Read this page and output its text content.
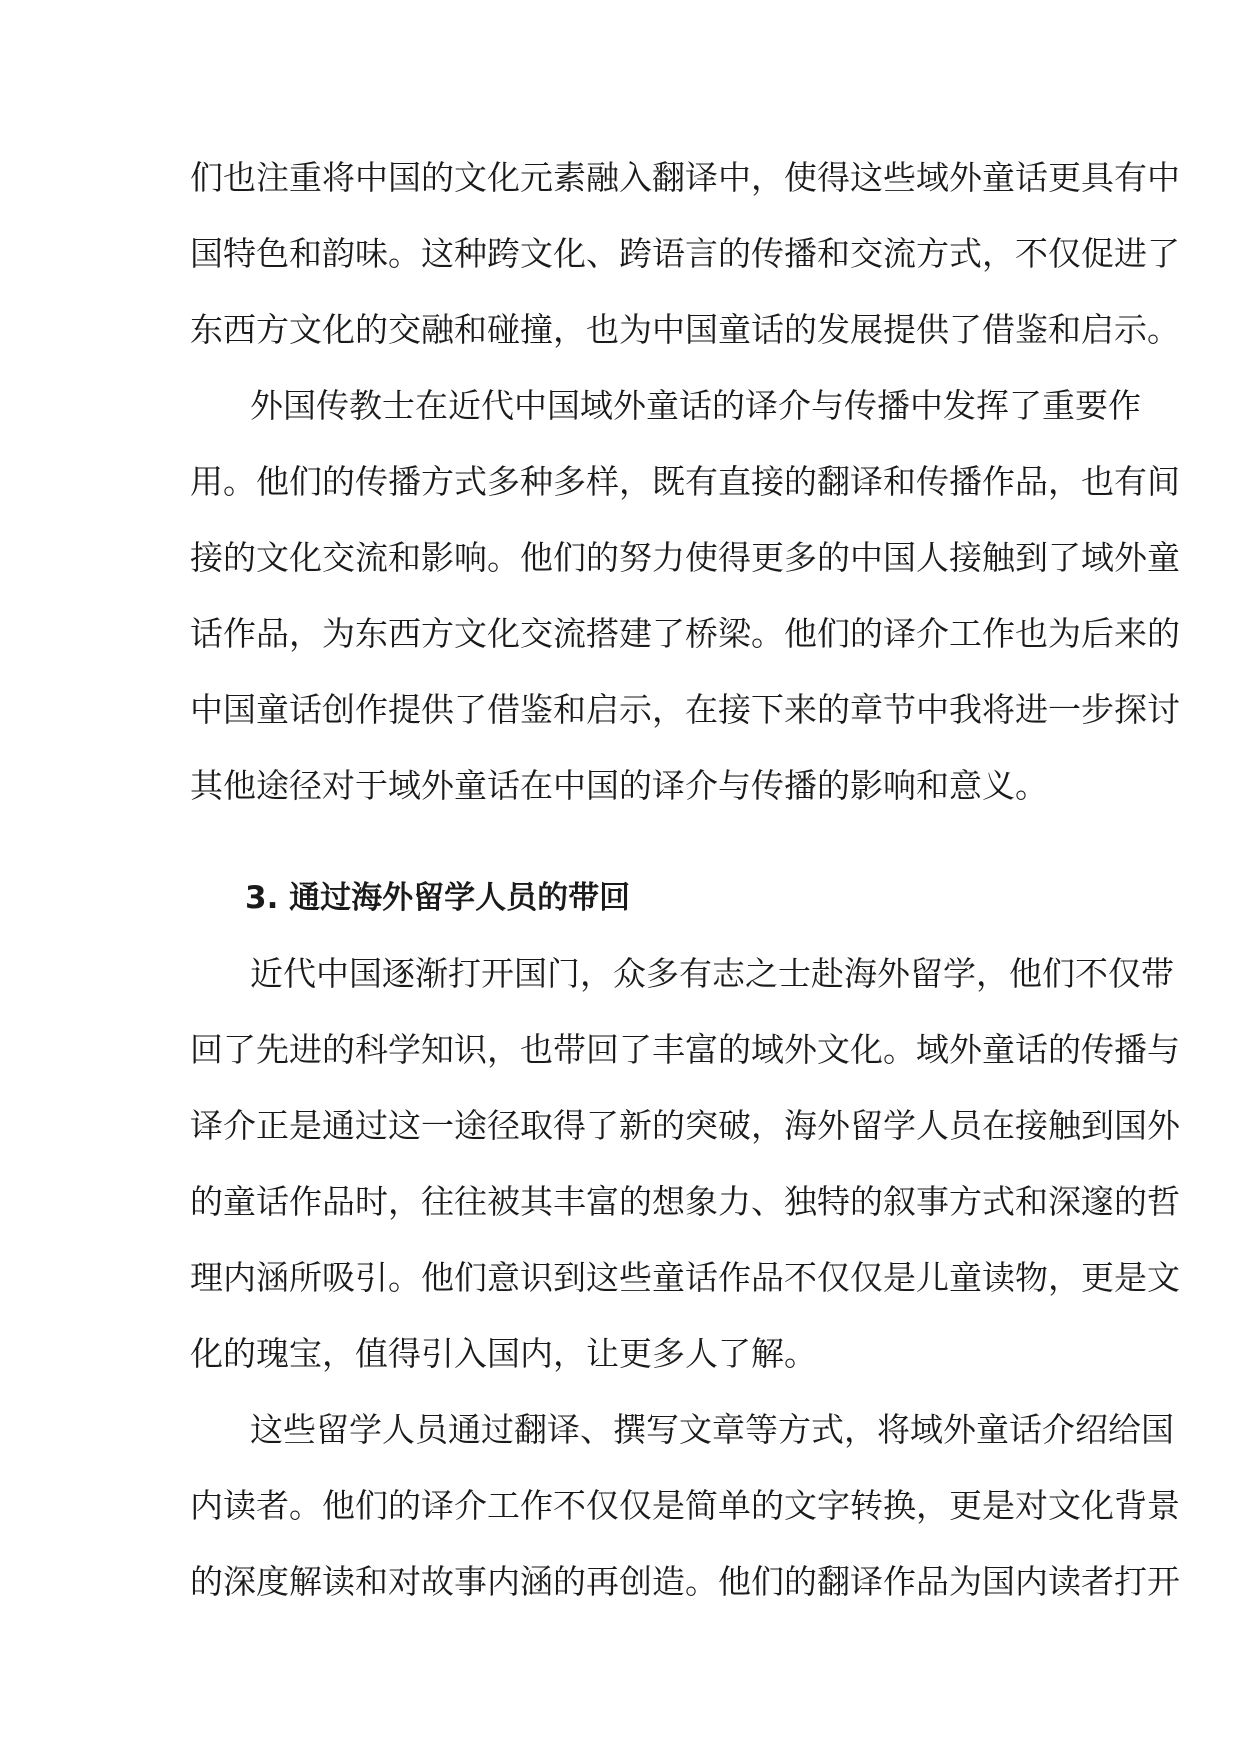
们也注重将中国的文化元素融入翻译中，使得这些域外童话更具有中
国特色和韵味。这种跨文化、跨语言的传播和交流方式，不仅促进了
东西方文化的交融和碰撞，也为中国童话的发展提供了借鉴和启示。
外国传教士在近代中国域外童话的译介与传播中发挥了重要作
用。他们的传播方式多种多样，既有直接的翻译和传播作品，也有间
接的文化交流和影响。他们的努力使得更多的中国人接触到了域外童
话作品，为东西方文化交流搭建了桥梁。他们的译介工作也为后来的
中国童话创作提供了借鉴和启示，在接下来的章节中我将进一步探讨
其他途径对于域外童话在中国的译介与传播的影响和意义。
3. 通过海外留学人员的带回
近代中国逐渐打开国门，众多有志之士赴海外留学，他们不仅带
回了先进的科学知识，也带回了丰富的域外文化。域外童话的传播与
译介正是通过这一途径取得了新的突破，海外留学人员在接触到国外
的童话作品时，往往被其丰富的想象力、独特的叙事方式和深邃的哲
理内涵所吸引。他们意识到这些童话作品不仅仅是儿童读物，更是文
化的瑰宝，值得引入国内，让更多人了解。
这些留学人员通过翻译、撰写文章等方式，将域外童话介绍给国
内读者。他们的译介工作不仅仅是简单的文字转换，更是对文化背景
的深度解读和对故事内涵的再创造。他们的翻译作品为国内读者打开
